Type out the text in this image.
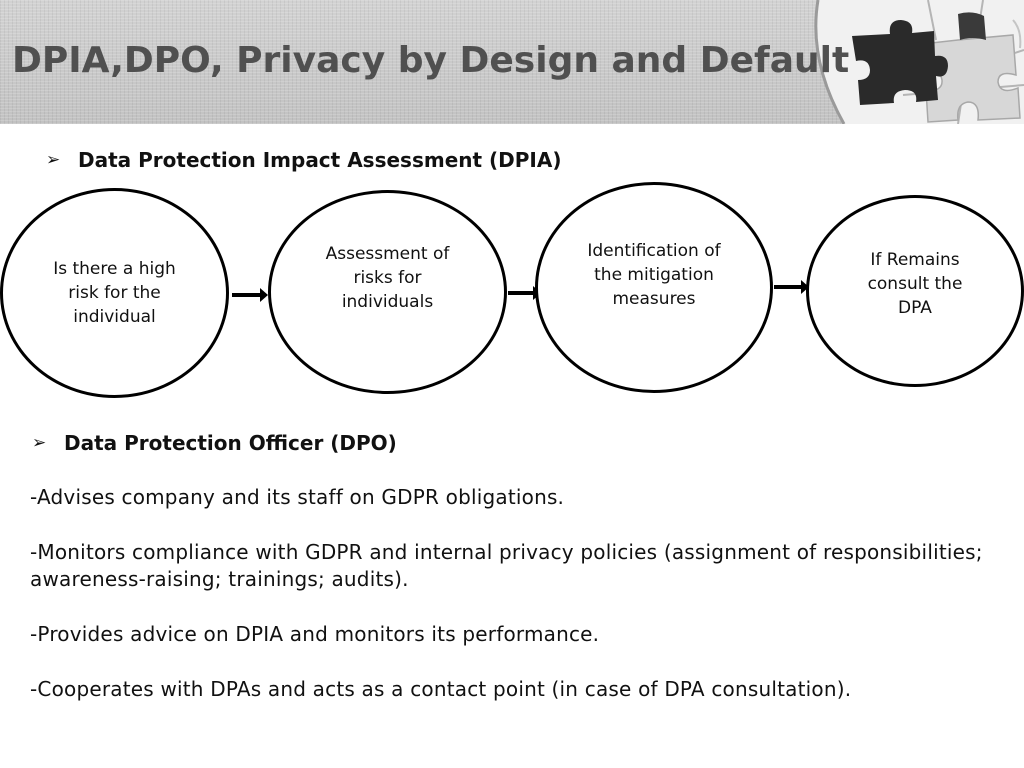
DPIA,DPO, Privacy by Design and Default
➢ Data Protection Impact Assessment (DPIA)
Is there a high risk for the individual
Assessment of risks for individuals
Identification of the mitigation measures
If Remains consult the DPA
➢ Data Protection Officer (DPO)

-Advises company and its staff on GDPR obligations.

-Monitors compliance with GDPR and internal privacy policies (assignment of responsibilities; awareness-raising; trainings; audits).

-Provides advice on DPIA and monitors its performance.

-Cooperates with DPAs and acts as a contact point (in case of DPA consultation).
